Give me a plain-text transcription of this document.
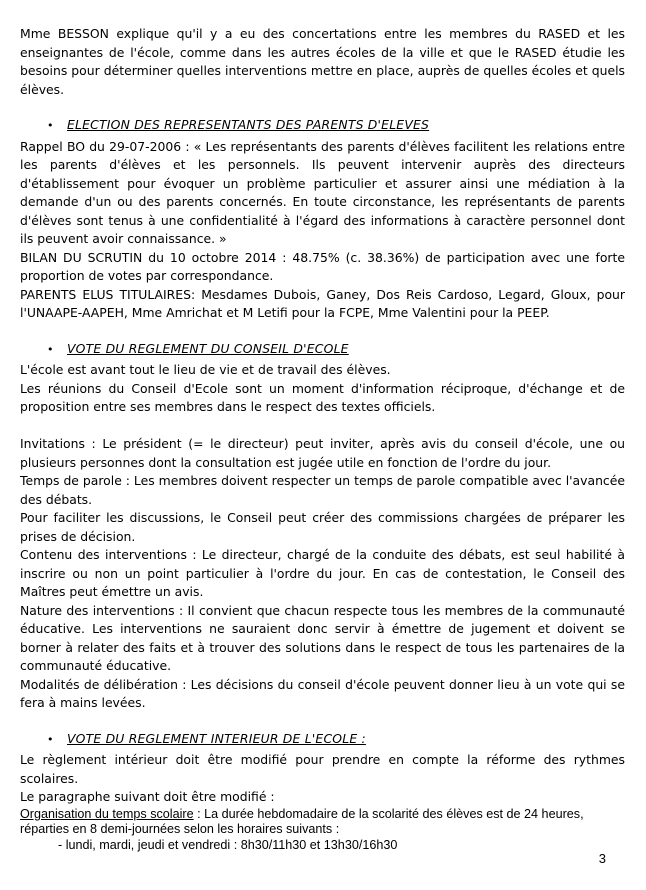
Mme BESSON explique qu'il y a eu des concertations entre les membres du RASED et les enseignantes de l'école, comme dans les autres écoles de la ville et que le RASED étudie les besoins pour déterminer quelles interventions mettre en place, auprès de quelles écoles et quels élèves.

•	ELECTION DES REPRESENTANTS DES PARENTS D'ELEVES

Rappel BO du 29-07-2006 : « Les représentants des parents d'élèves facilitent les relations entre les parents d'élèves et les personnels. Ils peuvent intervenir auprès des directeurs d'établissement pour évoquer un problème particulier et assurer ainsi une médiation à la demande d'un ou des parents concernés. En toute circonstance, les représentants de parents d'élèves sont tenus à une confidentialité à l'égard des informations à caractère personnel dont ils peuvent avoir connaissance. »

BILAN DU SCRUTIN du 10 octobre 2014 : 48.75% (c. 38.36%) de participation avec une forte proportion de votes par correspondance.

PARENTS ELUS TITULAIRES: Mesdames Dubois, Ganey, Dos Reis Cardoso, Legard, Gloux, pour l'UNAAPE-AAPEH, Mme Amrichat et M Letifi pour la FCPE, Mme Valentini pour la PEEP.

•	VOTE DU REGLEMENT DU CONSEIL D'ECOLE

L'école est avant tout le lieu de vie et de travail des élèves.

Les réunions du Conseil d'Ecole sont un moment d'information réciproque, d'échange et de proposition entre ses membres dans le respect des textes officiels.

Invitations : Le président (= le directeur) peut inviter, après avis du conseil d'école, une ou plusieurs personnes dont la consultation est jugée utile en fonction de l'ordre du jour.

Temps de parole : Les membres doivent respecter un temps de parole compatible avec l'avancée des débats.

Pour faciliter les discussions, le Conseil peut créer des commissions chargées de préparer les prises de décision.

Contenu des interventions : Le directeur, chargé de la conduite des débats, est seul habilité à inscrire ou non un point particulier à l'ordre du jour. En cas de contestation, le Conseil des Maîtres peut émettre un avis.

Nature des interventions : Il convient que chacun respecte tous les membres de la communauté éducative. Les interventions ne sauraient donc servir à émettre de jugement et doivent se borner à relater des faits et à trouver des solutions dans le respect de tous les partenaires de la communauté éducative.

Modalités de délibération : Les décisions du conseil d'école peuvent donner lieu à un vote qui se fera à mains levées.

•	VOTE DU REGLEMENT INTERIEUR DE L'ECOLE :

Le règlement intérieur doit être modifié pour prendre en compte la réforme des rythmes scolaires.

Le paragraphe suivant doit être modifié :

Organisation du temps scolaire : La durée hebdomadaire de la scolarité des élèves est de 24 heures, réparties en 8 demi-journées selon les horaires suivants :

- lundi, mardi, jeudi et vendredi : 8h30/11h30 et 13h30/16h30

3
